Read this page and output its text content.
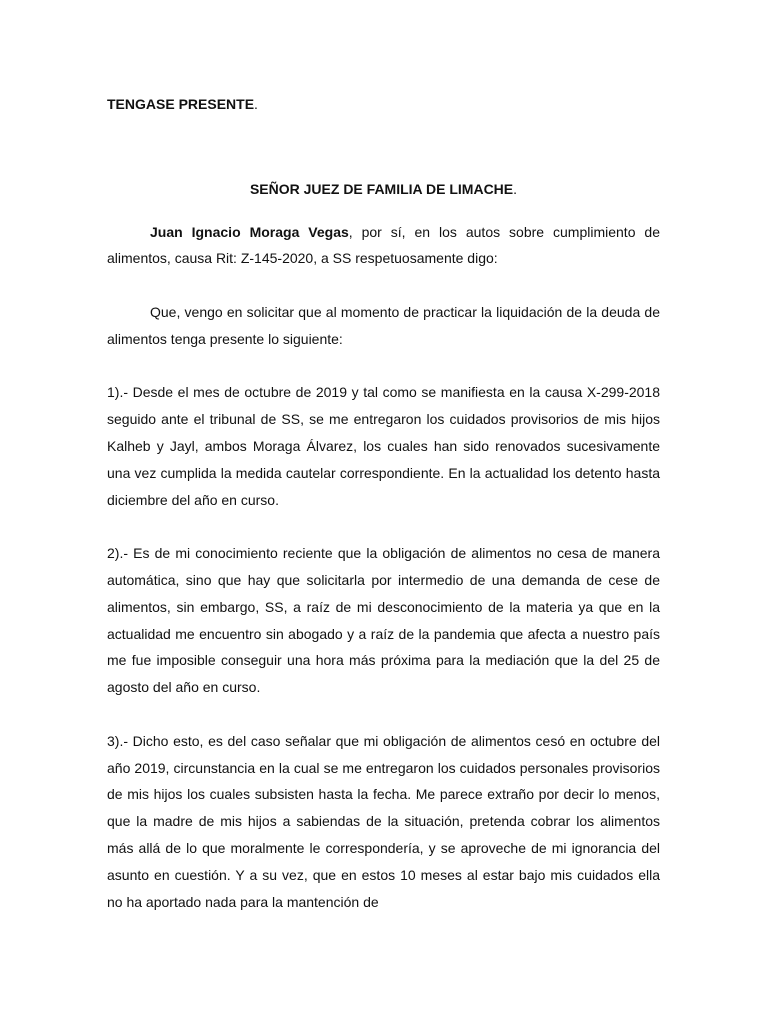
TENGASE PRESENTE.

SEÑOR JUEZ DE FAMILIA DE LIMACHE.

Juan Ignacio Moraga Vegas, por sí, en los autos sobre cumplimiento de alimentos, causa Rit: Z-145-2020, a SS respetuosamente digo:

Que, vengo en solicitar que al momento de practicar la liquidación de la deuda de alimentos tenga presente lo siguiente:

1).- Desde el mes de octubre de 2019 y tal como se manifiesta en la causa X-299-2018 seguido ante el tribunal de SS, se me entregaron los cuidados provisorios de mis hijos Kalheb y Jayl, ambos Moraga Álvarez, los cuales han sido renovados sucesivamente una vez cumplida la medida cautelar correspondiente. En la actualidad los detento hasta diciembre del año en curso.

2).- Es de mi conocimiento reciente que la obligación de alimentos no cesa de manera automática, sino que hay que solicitarla por intermedio de una demanda de cese de alimentos, sin embargo, SS, a raíz de mi desconocimiento de la materia ya que en la actualidad me encuentro sin abogado y a raíz de la pandemia que afecta a nuestro país me fue imposible conseguir una hora más próxima para la mediación que la del 25 de agosto del año en curso.

3).- Dicho esto, es del caso señalar que mi obligación de alimentos cesó en octubre del año 2019, circunstancia en la cual se me entregaron los cuidados personales provisorios de mis hijos los cuales subsisten hasta la fecha. Me parece extraño por decir lo menos, que la madre de mis hijos a sabiendas de la situación, pretenda cobrar los alimentos más allá de lo que moralmente le correspondería, y se aproveche de mi ignorancia del asunto en cuestión. Y a su vez, que en estos 10 meses al estar bajo mis cuidados ella no ha aportado nada para la mantención de
